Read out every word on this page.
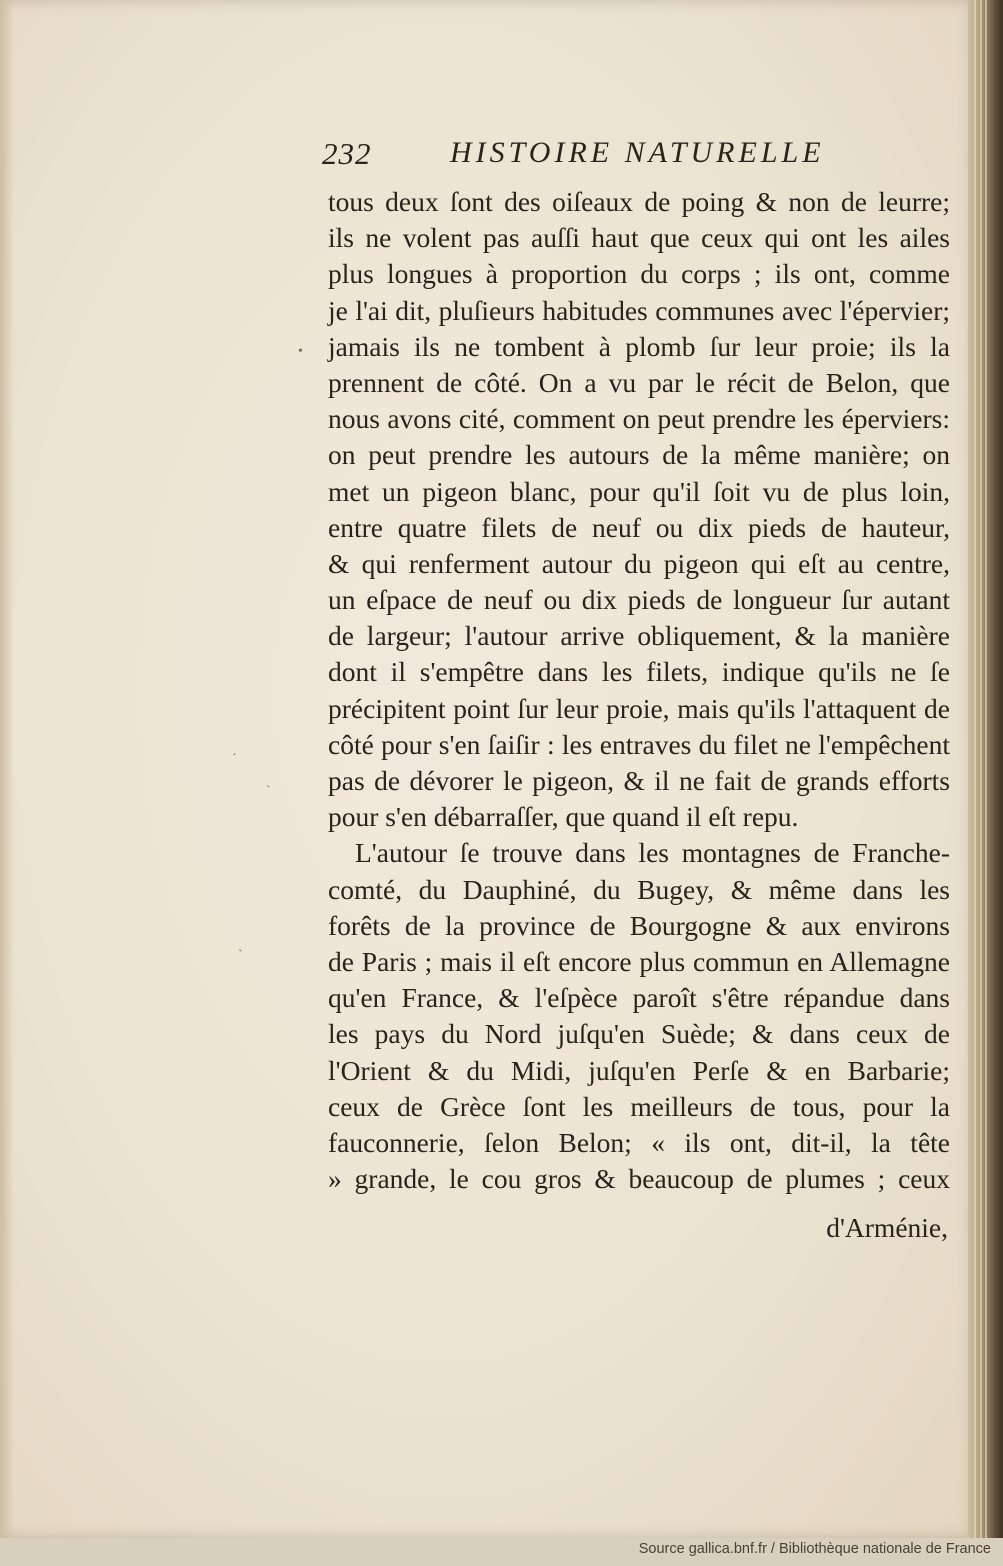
232	HISTOIRE NATURELLE
tous deux ſont des oiſeaux de poing & non de leurre;
ils ne volent pas auſſi haut que ceux qui ont les ailes
plus longues à proportion du corps ; ils ont, comme
je l'ai dit, pluſieurs habitudes communes avec l'épervier;
jamais ils ne tombent à plomb ſur leur proie; ils la
prennent de côté. On a vu par le récit de Belon, que
nous avons cité, comment on peut prendre les éperviers:
on peut prendre les autours de la même manière; on
met un pigeon blanc, pour qu'il ſoit vu de plus loin,
entre quatre filets de neuf ou dix pieds de hauteur,
& qui renferment autour du pigeon qui eſt au centre,
un eſpace de neuf ou dix pieds de longueur ſur autant
de largeur; l'autour arrive obliquement, & la manière
dont il s'empêtre dans les filets, indique qu'ils ne ſe
précipitent point ſur leur proie, mais qu'ils l'attaquent de
côté pour s'en ſaiſir : les entraves du filet ne l'empêchent
pas de dévorer le pigeon, & il ne fait de grands efforts
pour s'en débarraſſer, que quand il eſt repu.
L'autour ſe trouve dans les montagnes de Franche-
comté, du Dauphiné, du Bugey, & même dans les
forêts de la province de Bourgogne & aux environs
de Paris ; mais il eſt encore plus commun en Allemagne
qu'en France, & l'eſpèce paroît s'être répandue dans
les pays du Nord juſqu'en Suède; & dans ceux de
l'Orient & du Midi, juſqu'en Perſe & en Barbarie;
ceux de Grèce ſont les meilleurs de tous, pour la
fauconnerie, ſelon Belon; « ils ont, dit-il, la tête
» grande, le cou gros & beaucoup de plumes ; ceux
d'Arménie,
•
ˊ
ˋ
ˋ
Source gallica.bnf.fr / Bibliothèque nationale de France
